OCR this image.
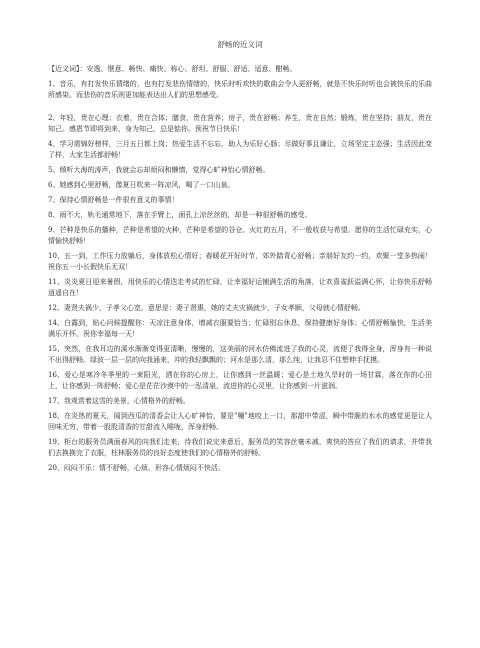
舒畅的近义词

【近义词】：安逸、惬意、畅快、痛快、称心、舒坦、舒服、舒适、适意、酣畅。

1、音乐，有打发快乐情绪的，也有打发悲伤情绪的，快乐时听欢快的歌曲会令人更舒畅，就是不快乐时听也会被快乐的乐曲所感染。而悲伤的音乐则更加能表达出人们的思想感受。

2、年轻，贵在心理；衣着，贵在合体；膳食，贵在营养；房子，贵在舒畅；养生，贵在自然；锻炼，贵在坚持；朋友，贵在知己。感恩节即将到来，身为知己，总是惦你。预祝节日快乐！

4、学习需锦好榜样，三月五日都上岗；热爱生活不忘忘，助人为乐好心肠；尽做好事且谦让，立场坚定主态强；生活因此变了样，大家生活都舒畅！

5、倾听大海的涛声，我就会忘却烦闷和懒惰，觉得心旷神怡心情舒畅。

6、她感到心里舒畅，像夏日吹来一阵凉风，喝了一口山泉。

7、保持心情舒畅是一件很有意义的事情！

8、雨不大，轨毛通常地下，落在手臂上，面孔上凉丝丝的，却是一种很舒畅的感受。

9、芒种是快乐的播种，芒种是希望的火种，芒种是希望的谷仓。火红的五月，不一般收获与希望。愿你的生活忙碌充实，心情愉快舒畅！

10、五一到，工作压力放躺后，身体放松心情好；春暖花开好时节，郊外踏青心舒畅；亲朋好友约一约，欢聚一堂多热闹！祝你五一小长假快乐无双！

11、炎炎夏日迎来暑假，用快乐的心情迭走考试的忙碌，让幸福好运铺满生活的角落，让欢喜雀跃溢满心怀，让你快乐舒畅逍遥自在！

12、妻贤夫祸少，子孝父心宽。意思是：妻子贤惠，她的丈夫灾祸就少，子女孝顺，父母就心情舒畅。

14、白露到，贴心问候提醒你：天凉注意身体，增减衣服要恰当；忙碌别忘休息，保持健康好身体；心情舒畅愉快，生活美满乐开怀。祝你幸福每一天！

15、突然，在我耳边的溪水渐渐变得更清晰，慢慢的，这美丽的河水仿佛流进了我的心灵，流便了我得全身，浑身有一种说不出得舒畅。绿波一层一层的向我涌来，冲的我轻飘飘的；河水是那么清，那么纯，让我忍不住想伸手抚摸。

16、爱心是寒冷冬季里的一束阳光，洒在你的心房上，让你感到一丝温暖；爱心是土地久旱时的一场甘霖，落在你的心田上，让你感到一阵舒畅；爱心是茫茫沙漠中的一泓清泉，流进你的心灵里，让你感到一片滋润。

17、我观赏着这雪的美景，心情格外的舒畅。

18、在炎热的夏天，闻到西瓜的清香会让人心旷神怡，要是"嘣"地咬上一口，那甜中带涩，瞬中带脆的水水的感觉更是让人回味无穷，带着一股股清香的甘甜流入喉咙，浑身舒畅。

19、柜台的服务员满面春风的向我们走来，待我们说完来意后，服务员的笑容丝毫未减，爽快的答应了我们的请求，并带我们去换换完了衣服，柱林服务员的良好态度使我们的心情格外的舒畅。

20、闷闷不乐：情不舒畅，心烦。形容心情烦闷不快活。
